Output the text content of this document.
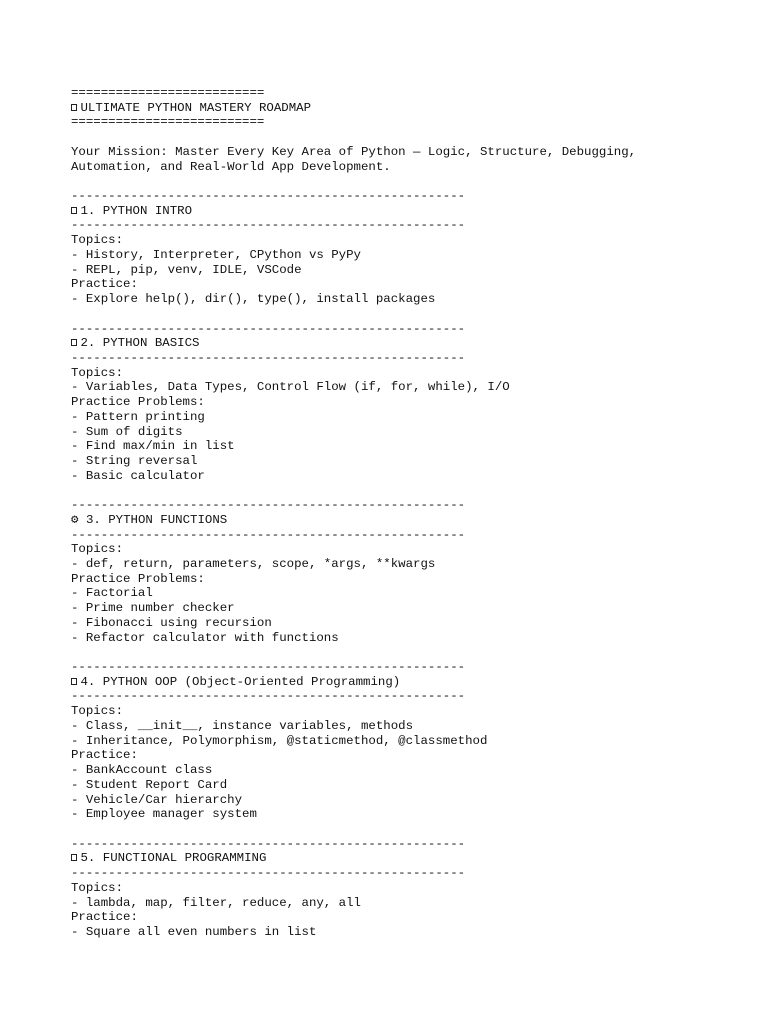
==========================
ULTIMATE PYTHON MASTERY ROADMAP
==========================
Your Mission: Master Every Key Area of Python — Logic, Structure, Debugging,
Automation, and Real-World App Development.
-----------------------------------------------------
1. PYTHON INTRO
-----------------------------------------------------
Topics:
- History, Interpreter, CPython vs PyPy
- REPL, pip, venv, IDLE, VSCode
Practice:
- Explore help(), dir(), type(), install packages
-----------------------------------------------------
2. PYTHON BASICS
-----------------------------------------------------
Topics:
- Variables, Data Types, Control Flow (if, for, while), I/O
Practice Problems:
- Pattern printing
- Sum of digits
- Find max/min in list
- String reversal
- Basic calculator
-----------------------------------------------------
⚙ 3. PYTHON FUNCTIONS
-----------------------------------------------------
Topics:
- def, return, parameters, scope, *args, **kwargs
Practice Problems:
- Factorial
- Prime number checker
- Fibonacci using recursion
- Refactor calculator with functions
-----------------------------------------------------
4. PYTHON OOP (Object-Oriented Programming)
-----------------------------------------------------
Topics:
- Class, __init__, instance variables, methods
- Inheritance, Polymorphism, @staticmethod, @classmethod
Practice:
- BankAccount class
- Student Report Card
- Vehicle/Car hierarchy
- Employee manager system
-----------------------------------------------------
5. FUNCTIONAL PROGRAMMING
-----------------------------------------------------
Topics:
- lambda, map, filter, reduce, any, all
Practice:
- Square all even numbers in list
